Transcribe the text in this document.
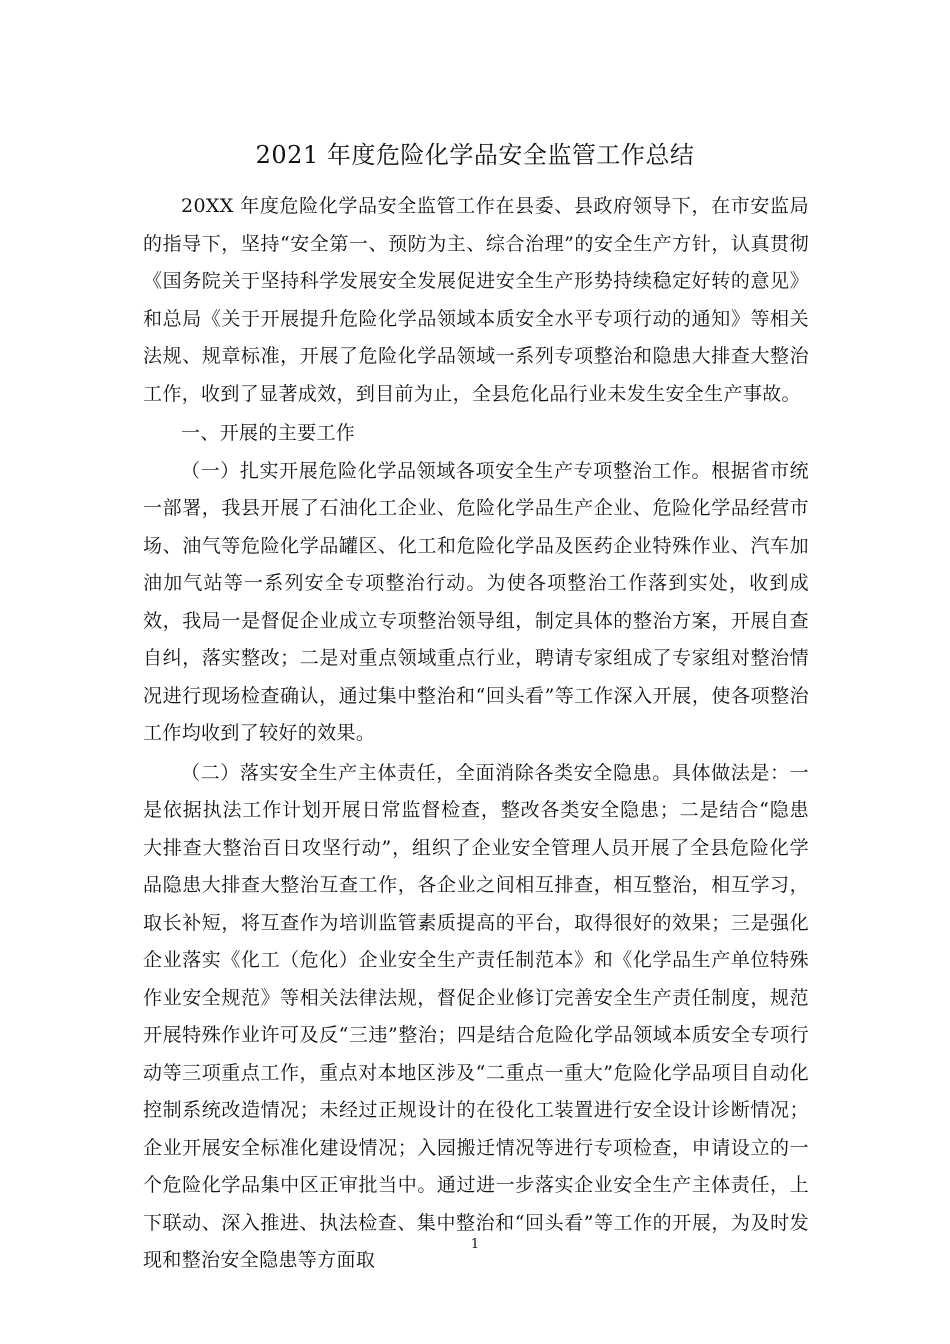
2021 年度危险化学品安全监管工作总结

20XX 年度危险化学品安全监管工作在县委、县政府领导下，在市安监局的指导下，坚持“安全第一、预防为主、综合治理”的安全生产方针，认真贯彻《国务院关于坚持科学发展安全发展促进安全生产形势持续稳定好转的意见》和总局《关于开展提升危险化学品领域本质安全水平专项行动的通知》等相关法规、规章标准，开展了危险化学品领域一系列专项整治和隐患大排查大整治工作，收到了显著成效，到目前为止，全县危化品行业未发生安全生产事故。

一、开展的主要工作

（一）扎实开展危险化学品领域各项安全生产专项整治工作。根据省市统一部署，我县开展了石油化工企业、危险化学品生产企业、危险化学品经营市场、油气等危险化学品罐区、化工和危险化学品及医药企业特殊作业、汽车加油加气站等一系列安全专项整治行动。为使各项整治工作落到实处，收到成效，我局一是督促企业成立专项整治领导组，制定具体的整治方案，开展自查自纠，落实整改；二是对重点领域重点行业，聘请专家组成了专家组对整治情况进行现场检查确认，通过集中整治和“回头看”等工作深入开展，使各项整治工作均收到了较好的效果。

（二）落实安全生产主体责任，全面消除各类安全隐患。具体做法是：一是依据执法工作计划开展日常监督检查，整改各类安全隐患；二是结合“隐患大排查大整治百日攻坚行动”，组织了企业安全管理人员开展了全县危险化学品隐患大排查大整治互查工作，各企业之间相互排查，相互整治，相互学习，取长补短，将互查作为培训监管素质提高的平台，取得很好的效果；三是强化企业落实《化工（危化）企业安全生产责任制范本》和《化学品生产单位特殊作业安全规范》等相关法律法规，督促企业修订完善安全生产责任制度，规范开展特殊作业许可及反“三违”整治；四是结合危险化学品领域本质安全专项行动等三项重点工作，重点对本地区涉及“二重点一重大”危险化学品项目自动化控制系统改造情况；未经过正规设计的在役化工装置进行安全设计诊断情况；企业开展安全标准化建设情况；入园搬迁情况等进行专项检查，申请设立的一个危险化学品集中区正审批当中。通过进一步落实企业安全生产主体责任，上下联动、深入推进、执法检查、集中整治和“回头看”等工作的开展，为及时发现和整治安全隐患等方面取

1
